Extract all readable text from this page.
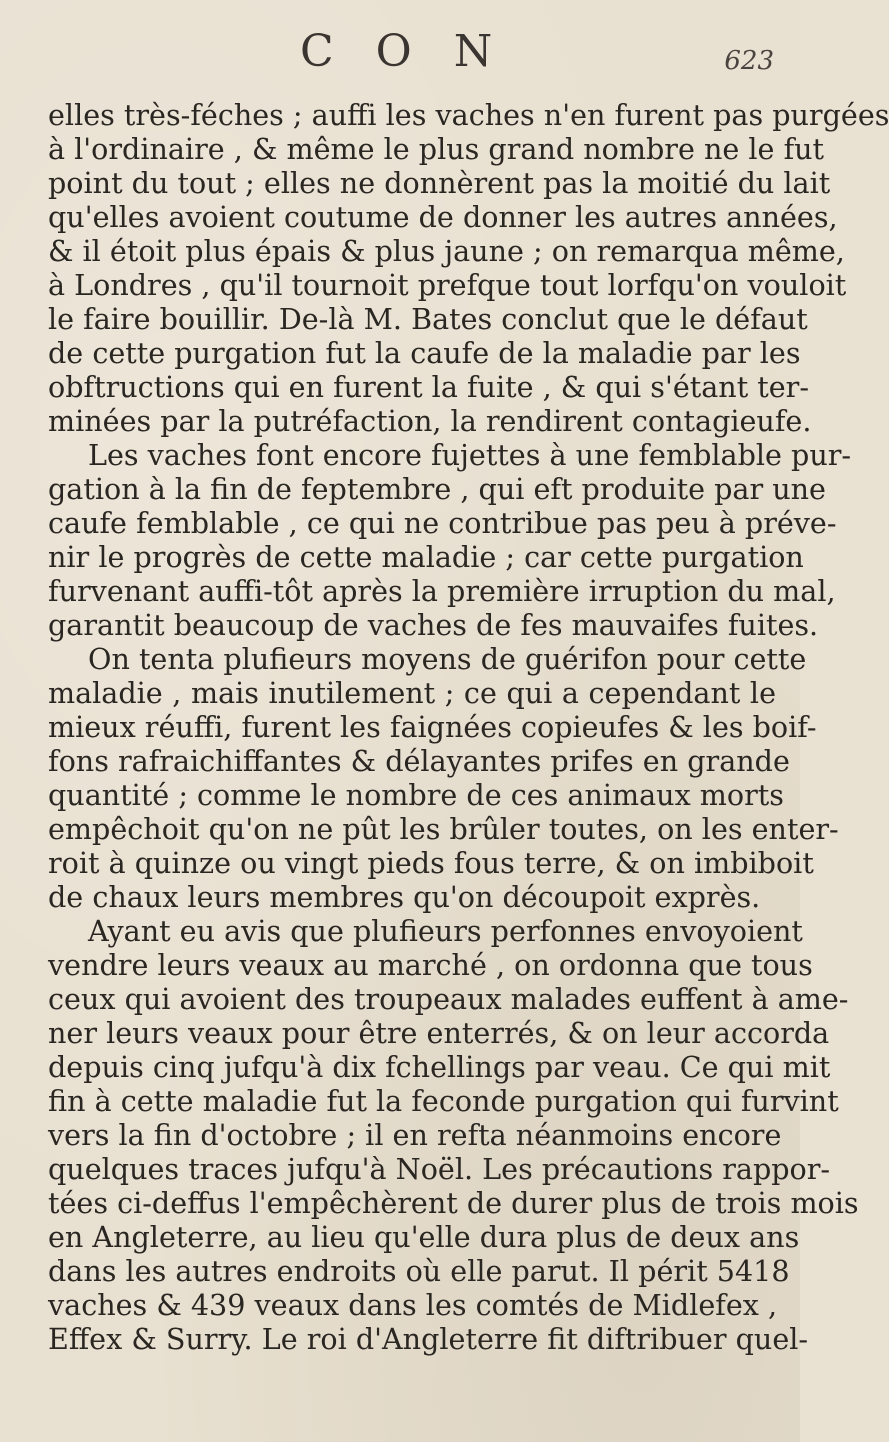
C O N	623
elles très-féches ; auffi les vaches n'en furent pas purgées
à l'ordinaire , & même le plus grand nombre ne le fut
point du tout ; elles ne donnèrent pas la moitié du lait
qu'elles avoient coutume de donner les autres années,
& il étoit plus épais & plus jaune ; on remarqua même,
à Londres , qu'il tournoit prefque tout lorfqu'on vouloit
le faire bouillir. De-là M. Bates conclut que le défaut
de cette purgation fut la caufe de la maladie par les
obftructions qui en furent la fuite , & qui s'étant ter-
minées par la putréfaction, la rendirent contagieufe.
Les vaches font encore fujettes à une femblable pur-
gation à la fin de feptembre , qui eft produite par une
caufe femblable , ce qui ne contribue pas peu à préve-
nir le progrès de cette maladie ; car cette purgation
furvenant auffi-tôt après la première irruption du mal,
garantit beaucoup de vaches de fes mauvaifes fuites.
On tenta plufieurs moyens de guérifon pour cette
maladie , mais inutilement ; ce qui a cependant le
mieux réuffi, furent les faignées copieufes & les boif-
fons rafraichiffantes & délayantes prifes en grande
quantité ; comme le nombre de ces animaux morts
empêchoit qu'on ne pût les brûler toutes, on les enter-
roit à quinze ou vingt pieds fous terre, & on imbiboit
de chaux leurs membres qu'on découpoit exprès.
Ayant eu avis que plufieurs perfonnes envoyoient
vendre leurs veaux au marché , on ordonna que tous
ceux qui avoient des troupeaux malades euffent à ame-
ner leurs veaux pour être enterrés, & on leur accorda
depuis cinq jufqu'à dix fchellings par veau. Ce qui mit
fin à cette maladie fut la feconde purgation qui furvint
vers la fin d'octobre ; il en refta néanmoins encore
quelques traces jufqu'à Noël. Les précautions rappor-
tées ci-deffus l'empêchèrent de durer plus de trois mois
en Angleterre, au lieu qu'elle dura plus de deux ans
dans les autres endroits où elle parut. Il périt 5418
vaches & 439 veaux dans les comtés de Midlefex ,
Effex & Surry. Le roi d'Angleterre fit diftribuer quel-
